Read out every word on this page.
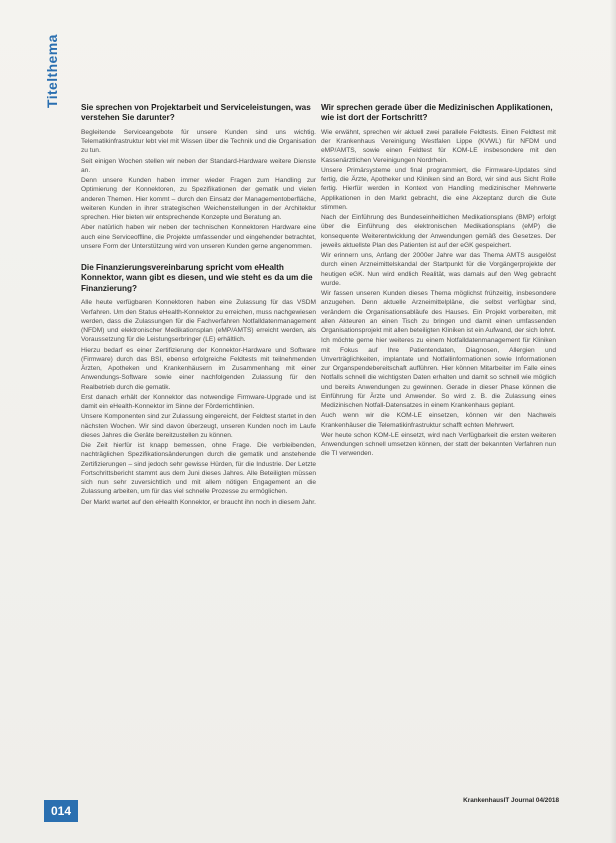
Titelthema	Sie sprechen von Projektarbeit und Serviceleistungen, was verstehen Sie darunter?

Begleitende Serviceangebote für unsere Kunden sind uns wichtig. Telematikinfrastruktur lebt viel mit Wissen über die Technik und die Organisation zu tun.

Seit einigen Wochen stellen wir neben der Standard-Hardware weitere Dienste an.

Denn unsere Kunden haben immer wieder Fragen zum Handling zur Optimierung der Konnektoren, zu Spezifikationen der gematik und vielen anderen Themen. Hier kommt – durch den Einsatz der Managementoberfläche, weiteren Kunden in ihrer strategischen Weichenstellungen in der Architektur sprechen. Hier bieten wir entsprechende Konzepte und Beratung an.

Aber natürlich haben wir neben der technischen Konnektoren Hardware eine auch eine Serviceoffline, die Projekte umfassender und eingehender betrachtet, unsere Form der Unterstützung wird von unseren Kunden gerne angenommen.

Die Finanzierungsvereinbarung spricht vom eHealth Konnektor, wann gibt es diesen, und wie steht es da um die Finanzierung?

Alle heute verfügbaren Konnektoren haben eine Zulassung für das VSDM Verfahren. Um den Status eHealth-Konnektor zu erreichen, muss nachgewiesen werden, dass die Zulassungen für die Fachverfahren Notfalldatenmanagement (NFDM) und elektronischer Medikationsplan (eMP/AMTS) erreicht werden, als Voraussetzung für die Leistungserbringer (LE) erhältlich.

Hierzu bedarf es einer Zertifizierung der Konnektor-Hardware und Software (Firmware) durch das BSI, ebenso erfolgreiche Feldtests mit teilnehmenden Ärzten, Apotheken und Krankenhäusern im Zusammenhang mit einer Anwendungs-Software sowie einer nachfolgenden Zulassung für den Realbetrieb durch die gematik.

Erst danach erhält der Konnektor das notwendige Firmware-Upgrade und ist damit ein eHealth-Konnektor im Sinne der Förderrichtlinien.

Unsere Komponenten sind zur Zulassung eingereicht, der Feldtest startet in den nächsten Wochen. Wir sind davon überzeugt, unseren Kunden noch im Laufe dieses Jahres die Geräte bereitzustellen zu können.

Die Zeit hierfür ist knapp bemessen, ohne Frage. Die verbleibenden, nachträglichen Spezifikationsänderungen durch die gematik und anstehende Zertifizierungen – sind jedoch sehr gewisse Hürden, für die Industrie. Der Letzte Fortschrittsbericht stammt aus dem Juni dieses Jahres. Alle Beteiligten müssen sich nun sehr zuversichtlich und mit allem nötigen Engagement an die Zulassung arbeiten, um für das viel schnelle Prozesse zu ermöglichen.

Der Markt wartet auf den eHealth Konnektor, er braucht ihn noch in diesem Jahr.

Wir sprechen gerade über die Medizinischen Applikationen, wie ist dort der Fortschritt?

Wie erwähnt, sprechen wir aktuell zwei parallele Feldtests. Einen Feldtest mit der Krankenhaus Vereinigung Westfalen Lippe (KVWL) für NFDM und eMP/AMTS, sowie einen Feldtest für KOM-LE insbesondere mit den Kassenärztlichen Vereinigungen Nordrhein.

Unsere Primärsysteme und final programmiert, die Firmware-Updates sind fertig, die Ärzte, Apotheker und Kliniken sind an Bord, wir sind aus Sicht Rolle fertig. Hierfür werden in Kontext von Handling medizinischer Mehrwerte Applikationen in den Markt gebracht, die eine Akzeptanz durch die Gute stimmen.

Nach der Einführung des Bundeseinheitlichen Medikationsplans (BMP) erfolgt über die Einführung des elektronischen Medikationsplans (eMP) die konsequente Weiterentwicklung der Anwendungen gemäß des Gesetzes. Der jeweils aktuellste Plan des Patienten ist auf der eGK gespeichert.

Wir erinnern uns, Anfang der 2000er Jahre war das Thema AMTS ausgelöst durch einen Arzneimittelskandal der Startpunkt für die Vorgängerprojekte der heutigen eGK. Nun wird endlich Realität, was damals auf den Weg gebracht wurde.

Wir fassen unseren Kunden dieses Thema möglichst frühzeitig, insbesondere anzugehen. Denn aktuelle Arzneimittelpläne, die selbst verfügbar sind, verändern die Organisationsabläufe des Hauses. Ein Projekt vorbereiten, mit allen Akteuren an einen Tisch zu bringen und damit einen umfassenden Organisationsprojekt mit allen beteiligten Kliniken ist ein Aufwand, der sich lohnt.

Ich möchte gerne hier weiteres zu einem Notfalldatenmanagement für Kliniken mit Fokus auf Ihre Patientendaten, Diagnosen, Allergien und Unverträglichkeiten, implantate und Notfallinformationen sowie Informationen zur Organspendebereitschaft aufführen. Hier können Mitarbeiter im Falle eines Notfalls schnell die wichtigsten Daten erhalten und damit so schnell wie möglich und bereits Anwendungen zu gewinnen. Gerade in dieser Phase können die Einführung für Ärzte und Anwender. So wird z. B. die Zulassung eines Medizinischen Notfall-Datensatzes in einem Krankenhaus geplant.

Auch wenn wir die KOM-LE einsetzen, können wir den Nachweis Krankenhäuser die Telematikinfrastruktur schafft echten Mehrwert.

Wer heute schon KOM-LE einsetzt, wird nach Verfügbarkeit die ersten weiteren Anwendungen schnell umsetzen können, der statt der bekannten Verfahren nun die TI verwenden.

KrankenhausIT Journal 04/2018
014
